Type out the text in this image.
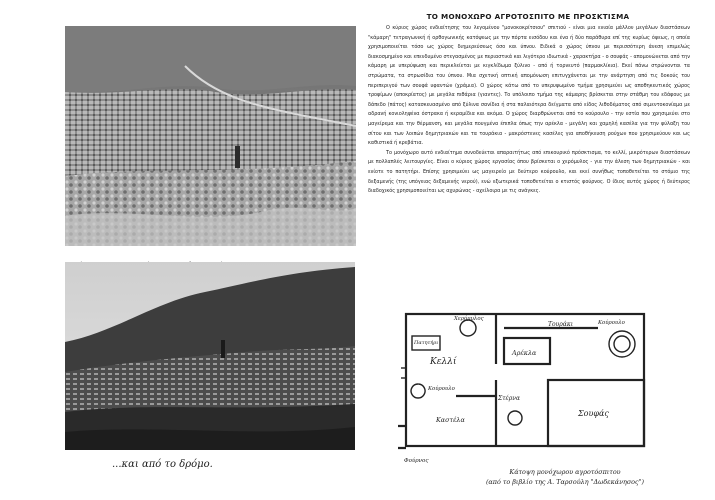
...και από το δρόμο.
ΤΟ ΜΟΝΟΧΩΡΟ ΑΓΡΟΤΟΣΠΙΤΟ ΜΕ ΠΡΟΣΚΤΙΣΜΑ

Ο κύριος χώρος ενδιαίτησης του λεγομένου "μονοκοκρίτσιου" σπιτιού - είναι μια ενιαία μάλλον μεγάλων διαστάσεων "κάμαρη" τετραγωνική ή ορθογωνικής κατόψεως με την πόρτα εισόδου και ένα ή δύο παράθυρα επί της κυρίως όψεως, η οποία χρησιμοποιείται τόσο ως χώρος διημερεύσεως όσο και ύπνου. Ειδικά ο χώρος ύπνου με περισσότερη άνεση επιμελώς διακοσμημένο και επενδυμένο στεγασμένος με περιαστικά και λιγότερο ιδιωτικά - χαρακτήρα - ο σουφάς - απομονώνεται από την κάμαρη με υπερύψωση και περικλείεται με κιγκλίδωμα ξύλινο - από ή τορνευτό (παρμακλίκια). Εκεί πάνω στρώνονται τα στρώματα, τα στρωσίδια του ύπνου. Μια σχετική οπτική απομόνωση επιτυγχάνεται με την ανάρτηση από τις δοκούς του περιπεριγού των σουφά υφαντών (χράμια). Ο χώρος κάτω από το υπερυψωμένο τμήμα χρησιμεύει ως αποθηκευτικός χώρος τροφίμων (αποκρίατος) με μεγάλα πιθάρια (γιαντες). Το υπόλοιπο τμήμα της κάμαρης βρίσκεται στην στάθμη του εδάφους με δάπεδο (πάτος) κατασκευασμένο από ξύλινα σανίδια ή στα παλαιότερα δείγματα από είδος λιθοδέματος από σιμεντοκονίαμα με αδρανή κονιοληψένα όστρακα ή κεραμίδια και ακόμα. Ο χώρος διαρθρώνεται από το κούρουλο - την εστία που χρησιμεύει στο μαγείρεμα και την θέρμανση, και μεγάλα πουγμένα έπιπλα όπως την αρέκλα - μεγάλη και χαμηλή κασέλα για την φύλαξη του σίτου και των λοιπών δημητριακών και τα τουράκια - μακρόστενες κασέλες για αποθήκευση ρούχων που χρησιμεύουν και ως καθιστικά ή κρεβάτια.

Το μονόχωρο αυτό ενδιαίτημα συνοδεύεται απαραιτήτως από επικουρικό πρόσκτισμα, το κελλί, μικρότερων διαστάσεων με πολλαπλές λειτουργίες. Είναι ο κύριος χώρος εργασίας όπου βρίσκεται ο χερόμυλος - για την άλεση των δημητριακών - και ενίοτε το πατητήρι. Επίσης χρησιμεύει ως μαγειρείο με δεύτερο κούρουλο, και εκεί συνήθως τοποθετείται το στόμιο της δεξαμενής (της υπόγειας δεξαμενής νερού), ενώ εξωτερικά τοποθετείται ο κτιστός φούρνος. Ο ίδιος αυτός χώρος ή δεύτερος διαδοχικός χρησιμοποιείται ως αχυρώνας - αχείλοιρα με τις ανάγκες.

Χερόμυλος
Τουράκι	Κούρουλο
Πατητήρι
Κελλί
Αρέκλα
Κούρουλο
Στέρνα
Καστέλα
Σουφάς
Φούρνος
Κάτοψη μονόχωρου αγροτόσπιτου
(από το βιβλίο της Α. Ταρσούλη "Δωδεκάνησος")
